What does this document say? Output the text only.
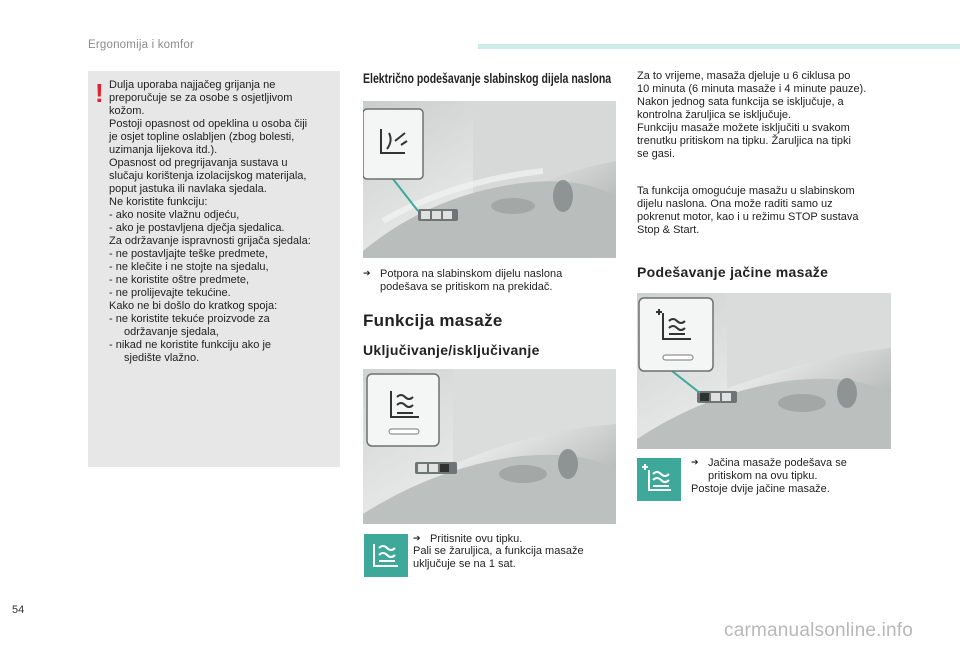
Ergonomija i komfor
! Dulja uporaba najjačeg grijanja ne

preporučuje se za osobe s osjetljivom

kožom.

Postoji opasnost od opeklina u osoba čiji

je osjet topline oslabljen (zbog bolesti,

uzimanja lijekova itd.).

Opasnost od pregrijavanja sustava u

slučaju korištenja izolacijskog materijala,

poput jastuka ili navlaka sjedala.

Ne koristite funkciju:

- ako nosite vlažnu odjeću,

- ako je postavljena dječja sjedalica.

Za održavanje ispravnosti grijača sjedala:

- ne postavljajte teške predmete,

- ne klečite i ne stojte na sjedalu,

- ne koristite oštre predmete,

- ne prolijevajte tekućine.

Kako ne bi došlo do kratkog spoja:

- ne koristite tekuće proizvode za

održavanje sjedala,

- nikad ne koristite funkciju ako je

sjedište vlažno.

Električno podešavanje slabinskog dijela naslona
➔ Potpora na slabinskom dijelu naslona
podešava se pritiskom na prekidač.
Funkcija masaže
Uključivanje/isključivanje
➔ Pritisnite ovu tipku.
Pali se žaruljica, a funkcija masaže
uključuje se na 1 sat.
Za to vrijeme, masaža djeluje u 6 ciklusa po
10 minuta (6 minuta masaže i 4 minute pauze).
Nakon jednog sata funkcija se isključuje, a
kontrolna žaruljica se isključuje.
Funkciju masaže možete isključiti u svakom
trenutku pritiskom na tipku. Žaruljica na tipki
se gasi.
Ta funkcija omogućuje masažu u slabinskom
dijelu naslona. Ona može raditi samo uz
pokrenut motor, kao i u režimu STOP sustava
Stop & Start.
Podešavanje jačine masaže
➔ Jačina masaže podešava se
pritiskom na ovu tipku.
Postoje dvije jačine masaže.
54
carmanualsonline.info
